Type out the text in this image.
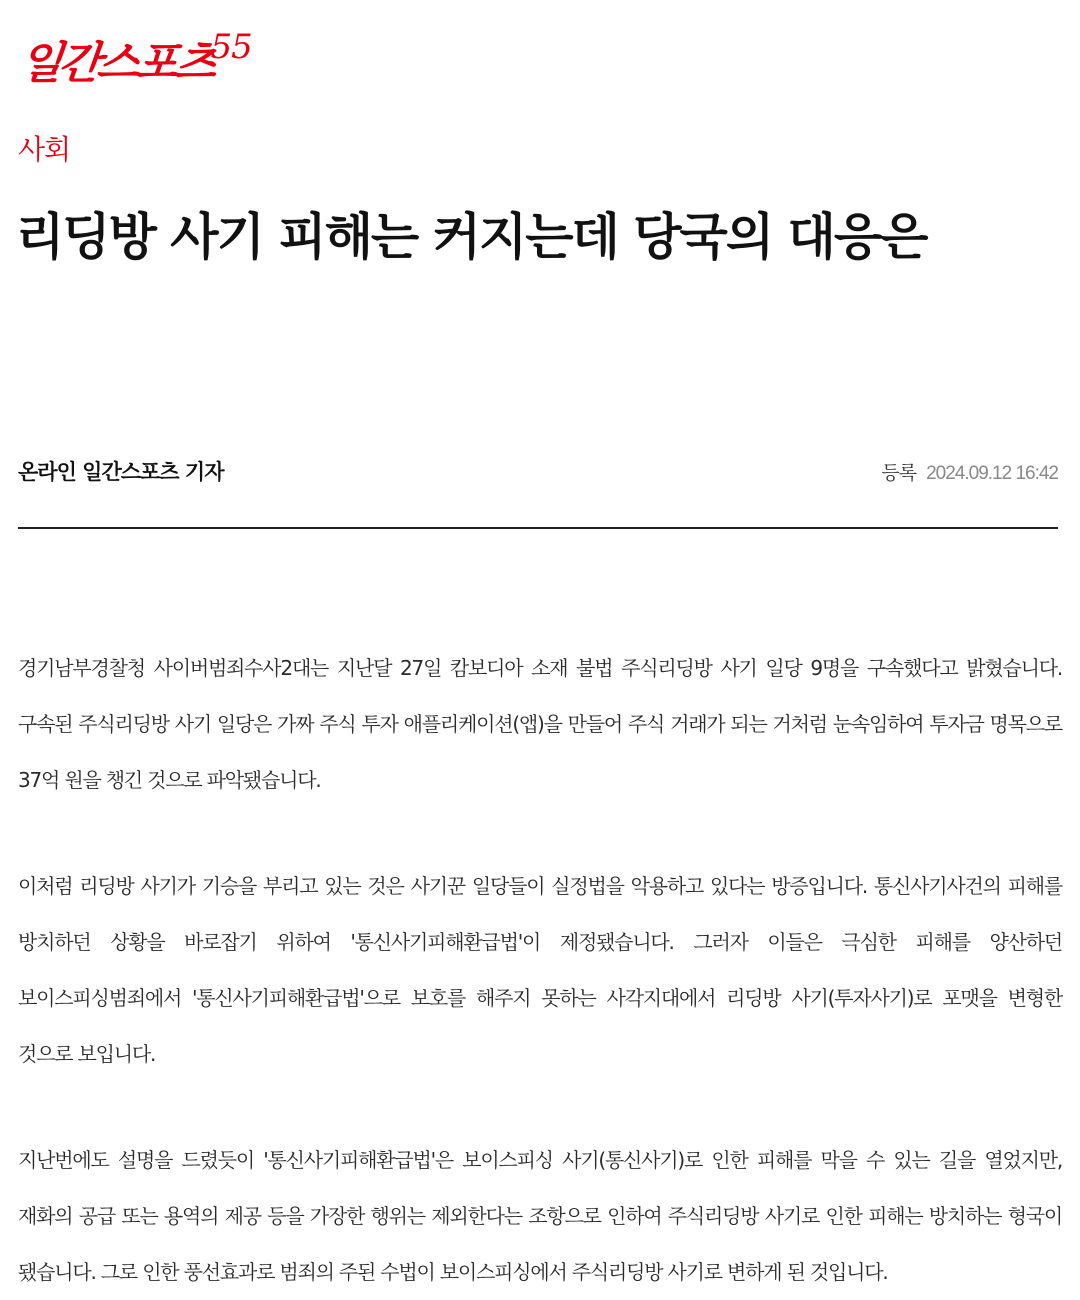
일간스포츠
55
사회
리딩방 사기 피해는 커지는데 당국의 대응은
온라인 일간스포츠 기자	등록 2024.09.12 16:42

경기남부경찰청 사이버범죄수사2대는 지난달 27일 캄보디아 소재 불법 주식리딩방 사기 일당 9명을 구속했다고 밝혔습니다. 구속된 주식리딩방 사기 일당은 가짜 주식 투자 애플리케이션(앱)을 만들어 주식 거래가 되는 거처럼 눈속임하여 투자금 명목으로 37억 원을 챙긴 것으로 파악됐습니다.

이처럼 리딩방 사기가 기승을 부리고 있는 것은 사기꾼 일당들이 실정법을 악용하고 있다는 방증입니다. 통신사기사건의 피해를 방치하던 상황을 바로잡기 위하여 '통신사기피해환급법'이 제정됐습니다. 그러자 이들은 극심한 피해를 양산하던 보이스피싱범죄에서 '통신사기피해환급법'으로 보호를 해주지 못하는 사각지대에서 리딩방 사기(투자사기)로 포맷을 변형한 것으로 보입니다.

지난번에도 설명을 드렸듯이 '통신사기피해환급법'은 보이스피싱 사기(통신사기)로 인한 피해를 막을 수 있는 길을 열었지만, 재화의 공급 또는 용역의 제공 등을 가장한 행위는 제외한다는 조항으로 인하여 주식리딩방 사기로 인한 피해는 방치하는 형국이 됐습니다. 그로 인한 풍선효과로 범죄의 주된 수법이 보이스피싱에서 주식리딩방 사기로 변하게 된 것입니다.
